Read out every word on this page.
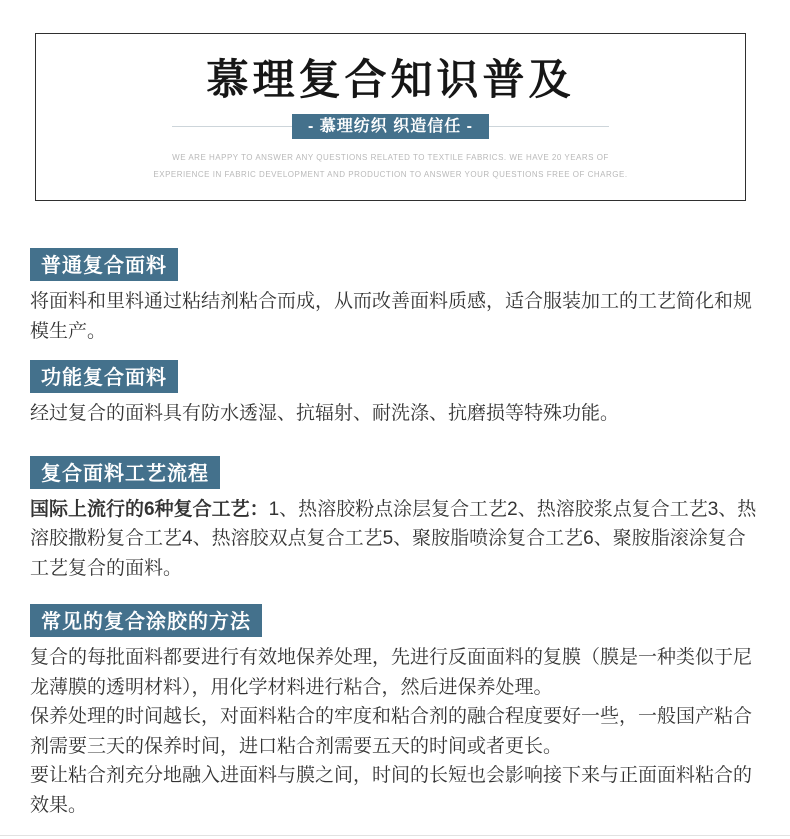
慕理复合知识普及
- 慕理纺织 织造信任 -

WE ARE HAPPY TO ANSWER ANY QUESTIONS RELATED TO TEXTILE FABRICS. WE HAVE 20 YEARS OF
EXPERIENCE IN FABRIC DEVELOPMENT AND PRODUCTION TO ANSWER YOUR QUESTIONS FREE OF CHARGE.

普通复合面料

将面料和里料通过粘结剂粘合而成，从而改善面料质感，适合服装加工的工艺简化和规模生产。

功能复合面料

经过复合的面料具有防水透湿、抗辐射、耐洗涤、抗磨损等特殊功能。

复合面料工艺流程

国际上流行的6种复合工艺：1、热溶胶粉点涂层复合工艺2、热溶胶浆点复合工艺3、热溶胶撒粉复合工艺4、热溶胶双点复合工艺5、聚胺脂喷涂复合工艺6、聚胺脂滚涂复合工艺复合的面料。

常见的复合涂胶的方法

复合的每批面料都要进行有效地保养处理，先进行反面面料的复膜（膜是一种类似于尼龙薄膜的透明材料），用化学材料进行粘合，然后进保养处理。

保养处理的时间越长，对面料粘合的牢度和粘合剂的融合程度要好一些，一般国产粘合剂需要三天的保养时间，进口粘合剂需要五天的时间或者更长。

要让粘合剂充分地融入进面料与膜之间，时间的长短也会影响接下来与正面面料粘合的效果。
